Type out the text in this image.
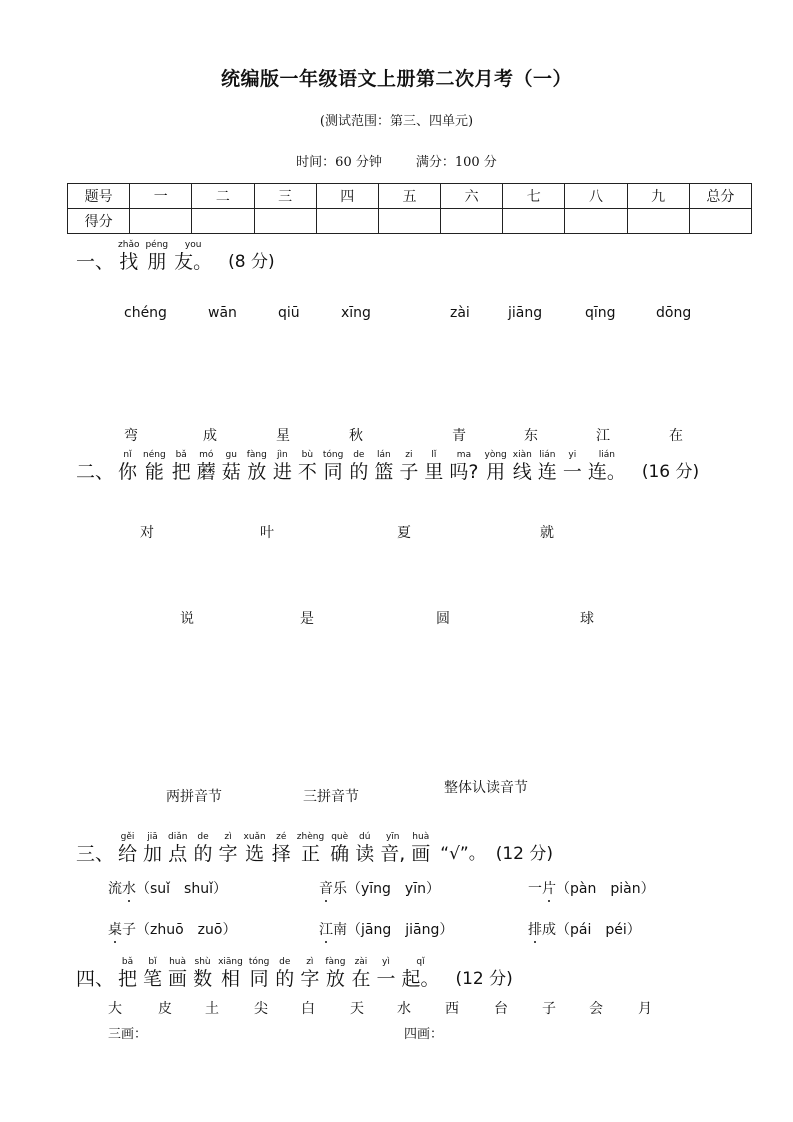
统编版一年级语文上册第二次月考（一）
(测试范围：第三、四单元)
时间：60 分钟	满分：100 分
题号	一	二	三	四	五	六	七	八	九	总分
得分										
一、
zhǎo
找
péng
朋
you
友。 (8 分)
chéng	wān	qiū	xīng	zài	jiāng	qīng	dōng
弯	成	星	秋	青	东	江	在
二、
nǐ
你
néng
能
bǎ
把
mó
蘑
gu
菇
fàng
放
jìn
进
bù
不
tóng
同
de
的
lán
篮
zi
子
lǐ
里
ma
吗?
yòng
用
xiàn
线
lián
连
yi
一
lián
连。 (16 分)
对	叶	夏	就
说	是	圆	球
两拼音节	三拼音节
整体认读音节
三、
gěi
给
jiā
加
diǎn
点
de
的
zì
字
xuǎn
选
zé
择
zhèng
正
què
确
dú
读
yīn
音,
huà
画 “√”。 (12 分)
流水（suǐ　shuǐ）	音乐（yīng　yīn）	一片（pàn　piàn）
桌子（zhuō　zuō）	江南（jāng　jiāng）	排成（pái　péi）
四、
bǎ
把
bǐ
笔
huà
画
shù
数
xiāng
相
tóng
同
de
的
zì
字
fàng
放
zài
在
yì
一
qǐ
起。 (12 分)
大	皮 土	尖 白	天 水 西	台 子 会	月
三画：	四画：
